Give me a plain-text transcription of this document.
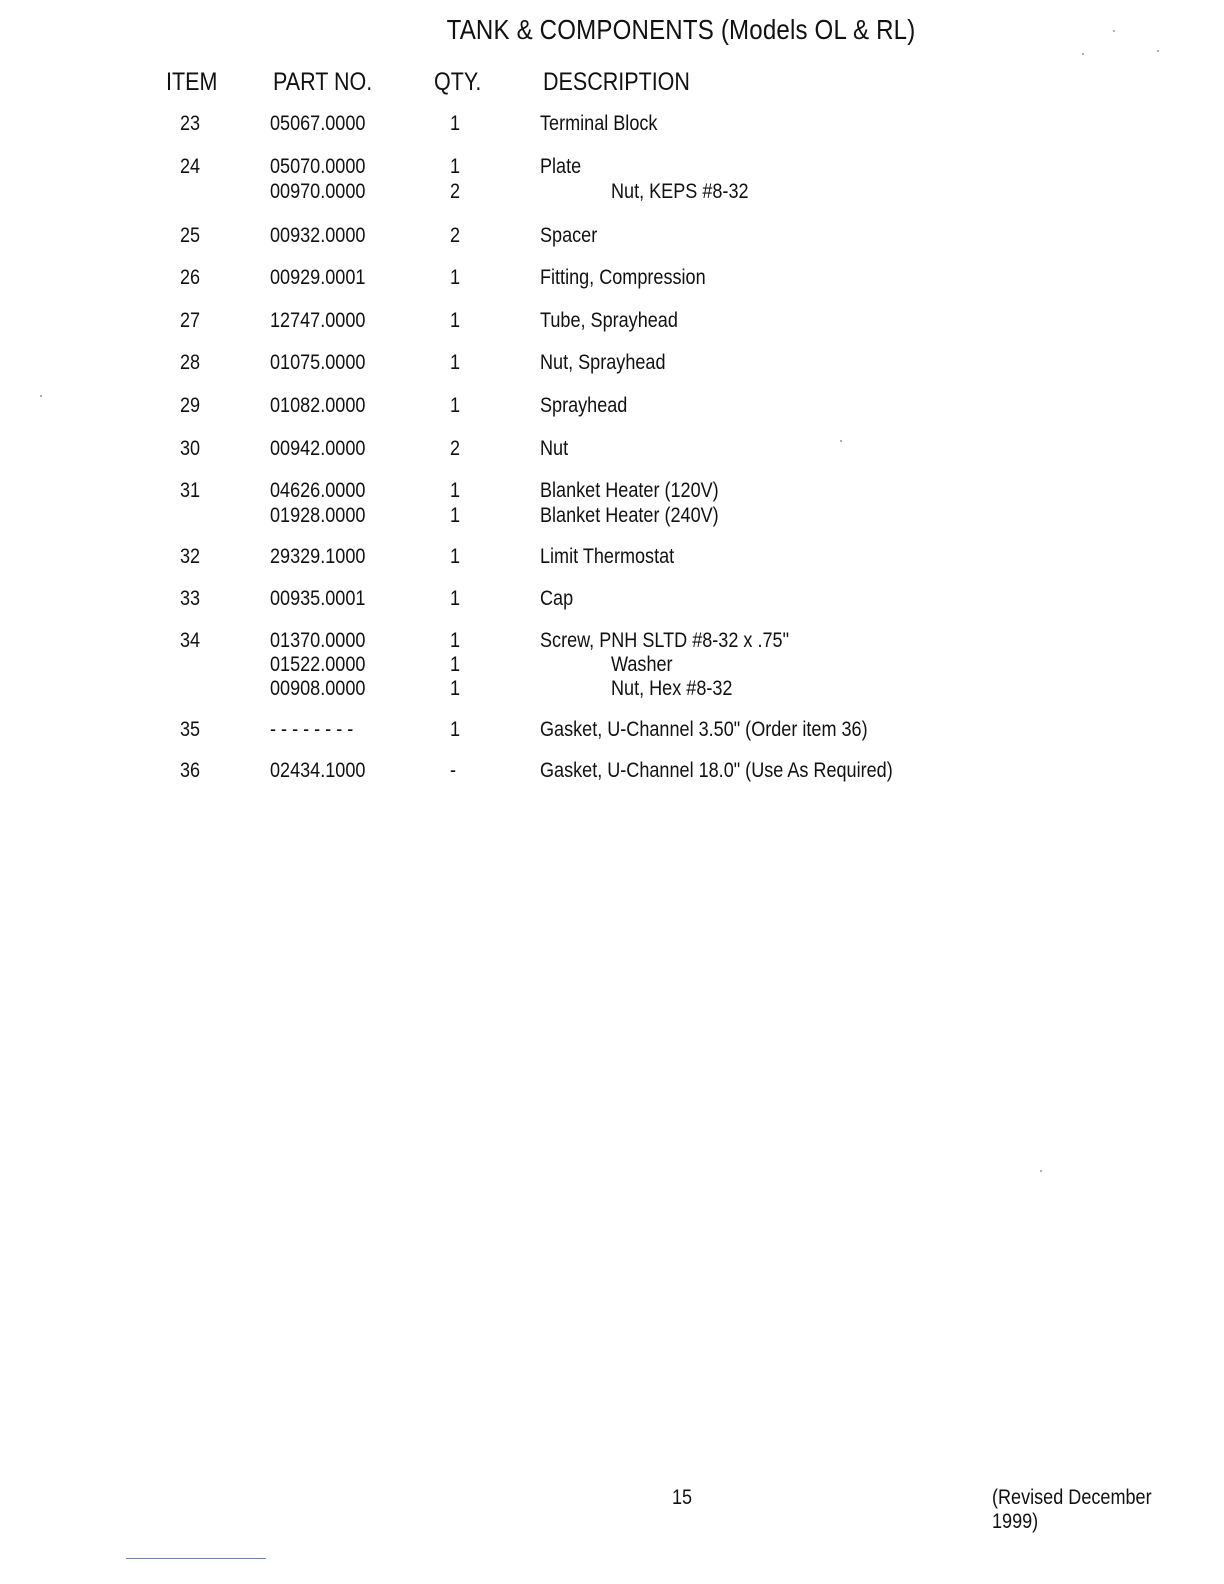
TANK & COMPONENTS (Models OL & RL)
ITEM PART NO. QTY. DESCRIPTION
23	05067.0000	1	Terminal Block
24	05070.0000	1	Plate
00970.0000	2	Nut, KEPS #8-32
25	00932.0000	2	Spacer
26	00929.0001	1	Fitting, Compression
27	12747.0000	1	Tube, Sprayhead
28	01075.0000	1	Nut, Sprayhead
29	01082.0000	1	Sprayhead
30	00942.0000	2	Nut
31	04626.0000	1	Blanket Heater (120V)
01928.0000	1	Blanket Heater (240V)
32	29329.1000	1	Limit Thermostat
33	00935.0001	1	Cap
34	01370.0000	1	Screw, PNH SLTD #8-32 x .75"
01522.0000	1	Washer
00908.0000	1	Nut, Hex #8-32
35	- - - - - - - -	1	Gasket, U-Channel 3.50" (Order item 36)
36	02434.1000	-	Gasket, U-Channel 18.0" (Use As Required)
15	(Revised December 1999)
